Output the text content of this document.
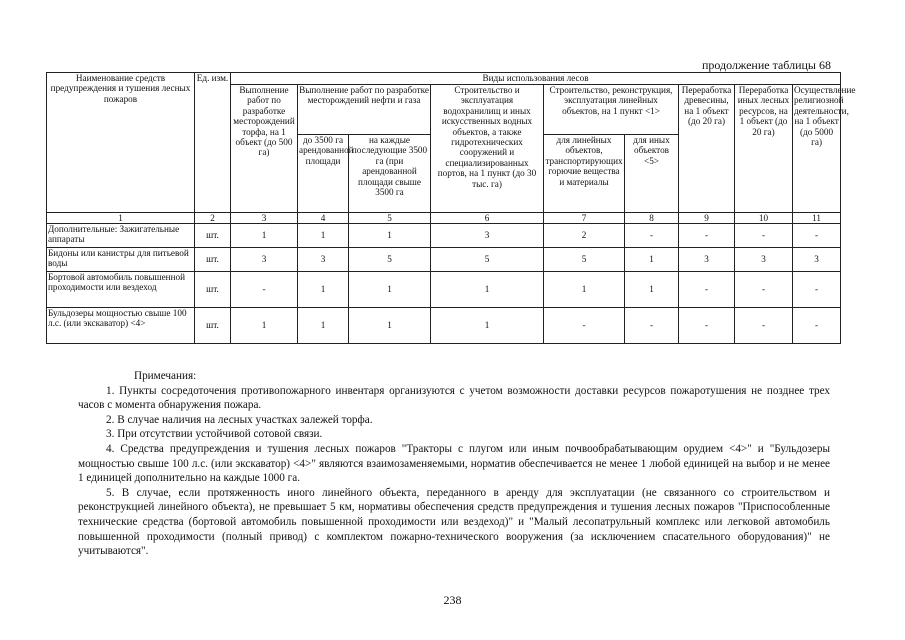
продолжение таблицы 68
Наименование средств предупреждения и тушения лесных пожаров	Ед. изм.	Виды использования лесов								
		Выполнение работ по разработке месторождений торфа, на 1 объект (до 500 га)	Выполнение работ по разработке месторождений нефти и газа		Строительство и эксплуатация водохранилищ и иных искусственных водных объектов, а также гидротехнических сооружений и специализированных портов, на 1 пункт (до 30 тыс. га)	Строительство, реконструкция, эксплуатация линейных объектов, на 1 пункт <1>		Переработка древесины, на 1 объект (до 20 га)	Переработка иных лесных ресурсов, на 1 объект (до 20 га)	Осуществление религиозной деятельности, на 1 объект (до 5000 га)
			до 3500 га арендованной площади	на каждые последующие 3500 га (при арендованной площади свыше 3500 га		для линейных объектов, транспортирующих горючие вещества и материалы	для иных объектов <5>			
1	2	3	4	5	6	7	8	9	10	11
Дополнительные: Зажигательные аппараты	шт.	1	1	1	3	2	-	-	-	-
Бидоны или канистры для питьевой воды	шт.	3	3	5	5	5	1	3	3	3
Бортовой автомобиль повышенной проходимости или вездеход	шт.	-	1	1	1	1	1	-	-	-
Бульдозеры мощностью свыше 100 л.с. (или экскаватор) <4>	шт.	1	1	1	1	-	-	-	-	-

Примечания:

1. Пункты сосредоточения противопожарного инвентаря организуются с учетом возможности доставки ресурсов пожаротушения не позднее трех часов с момента обнаружения пожара.

2. В случае наличия на лесных участках залежей торфа.

3. При отсутствии устойчивой сотовой связи.

4. Средства предупреждения и тушения лесных пожаров "Тракторы с плугом или иным почвообрабатывающим орудием <4>" и "Бульдозеры мощностью свыше 100 л.с. (или экскаватор) <4>" являются взаимозаменяемыми, норматив обеспечивается не менее 1 любой единицей на выбор и не менее 1 единицей дополнительно на каждые 1000 га.

5. В случае, если протяженность иного линейного объекта, переданного в аренду для эксплуатации (не связанного со строительством и реконструкцией линейного объекта), не превышает 5 км, нормативы обеспечения средств предупреждения и тушения лесных пожаров "Приспособленные технические средства (бортовой автомобиль повышенной проходимости или вездеход)" и "Малый лесопатрульный комплекс или легковой автомобиль повышенной проходимости (полный привод) с комплектом пожарно-технического вооружения (за исключением спасательного оборудования)" не учитываются".

238
